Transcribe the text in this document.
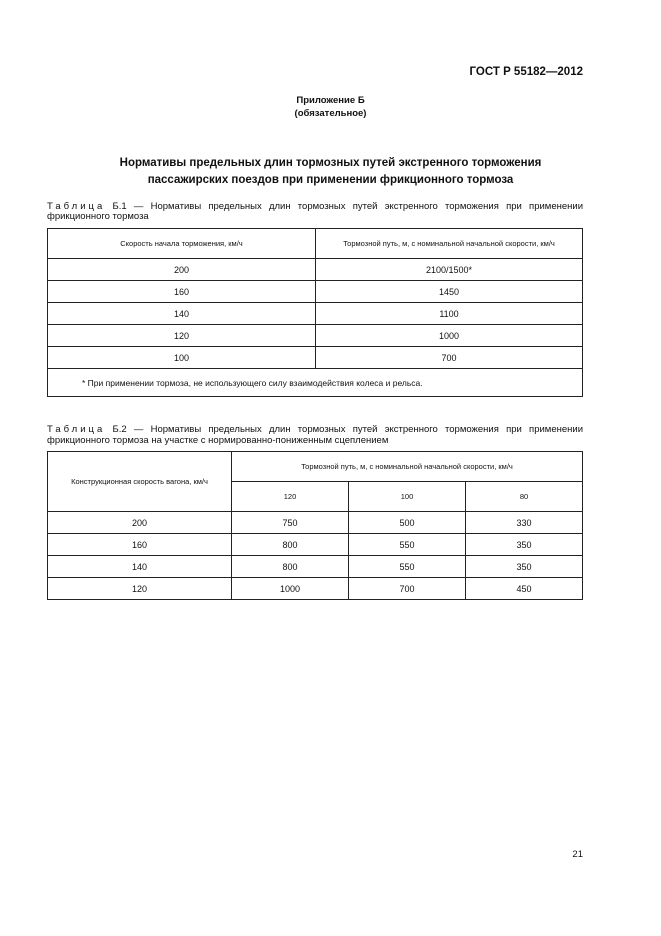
ГОСТ Р 55182—2012
Приложение Б
(обязательное)
Нормативы предельных длин тормозных путей экстренного торможения
пассажирских поездов при применении фрикционного тормоза
Таблица Б.1 — Нормативы предельных длин тормозных путей экстренного торможения при применении
фрикционного тормоза
Скорость начала торможения, км/ч	Тормозной путь, м, с номинальной начальной скорости, км/ч
200	2100/1500*
160	1450
140	1100
120	1000
100	700
* При применении тормоза, не использующего силу взаимодействия колеса и рельса.	
Таблица Б.2 — Нормативы предельных длин тормозных путей экстренного торможения при применении
фрикционного тормоза на участке с нормированно-пониженным сцеплением
Конструкционная скорость вагона, км/ч	Тормозной путь, м, с номинальной начальной скорости, км/ч		
	120	100	80
200	750	500	330
160	800	550	350
140	800	550	350
120	1000	700	450
21
